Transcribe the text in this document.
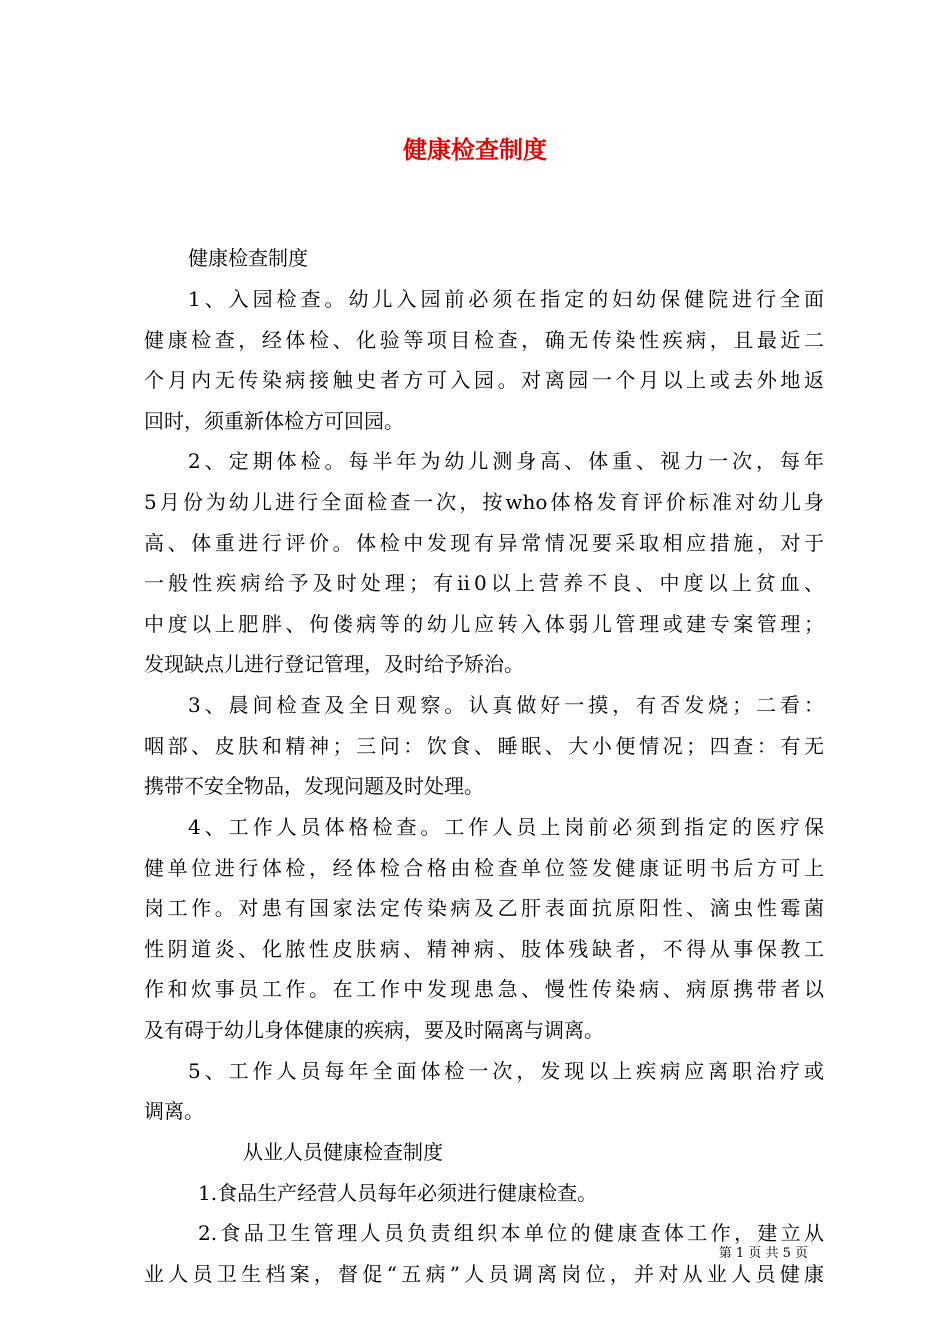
健康检查制度

健康检查制度

1、入园检查。幼儿入园前必须在指定的妇幼保健院进行全面

健康检查，经体检、化验等项目检查，确无传染性疾病，且最近二

个月内无传染病接触史者方可入园。对离园一个月以上或去外地返

回时，须重新体检方可回园。

2、定期体检。每半年为幼儿测身高、体重、视力一次，每年

5月份为幼儿进行全面检查一次，按who体格发育评价标准对幼儿身

高、体重进行评价。体检中发现有异常情况要采取相应措施，对于

一般性疾病给予及时处理；有ⅱ0以上营养不良、中度以上贫血、

中度以上肥胖、佝偻病等的幼儿应转入体弱儿管理或建专案管理；

发现缺点儿进行登记管理，及时给予矫治。

3、晨间检查及全日观察。认真做好一摸，有否发烧；二看：

咽部、皮肤和精神；三问：饮食、睡眠、大小便情况；四查：有无

携带不安全物品，发现问题及时处理。

4、工作人员体格检查。工作人员上岗前必须到指定的医疗保

健单位进行体检，经体检合格由检查单位签发健康证明书后方可上

岗工作。对患有国家法定传染病及乙肝表面抗原阳性、滴虫性霉菌

性阴道炎、化脓性皮肤病、精神病、肢体残缺者，不得从事保教工

作和炊事员工作。在工作中发现患急、慢性传染病、病原携带者以

及有碍于幼儿身体健康的疾病，要及时隔离与调离。

5、工作人员每年全面体检一次，发现以上疾病应离职治疗或

调离。

从业人员健康检查制度

1.食品生产经营人员每年必须进行健康检查。

2.食品卫生管理人员负责组织本单位的健康查体工作，建立从

业人员卫生档案，督促“五病”人员调离岗位，并对从业人员健康

第 1 页 共 5 页
